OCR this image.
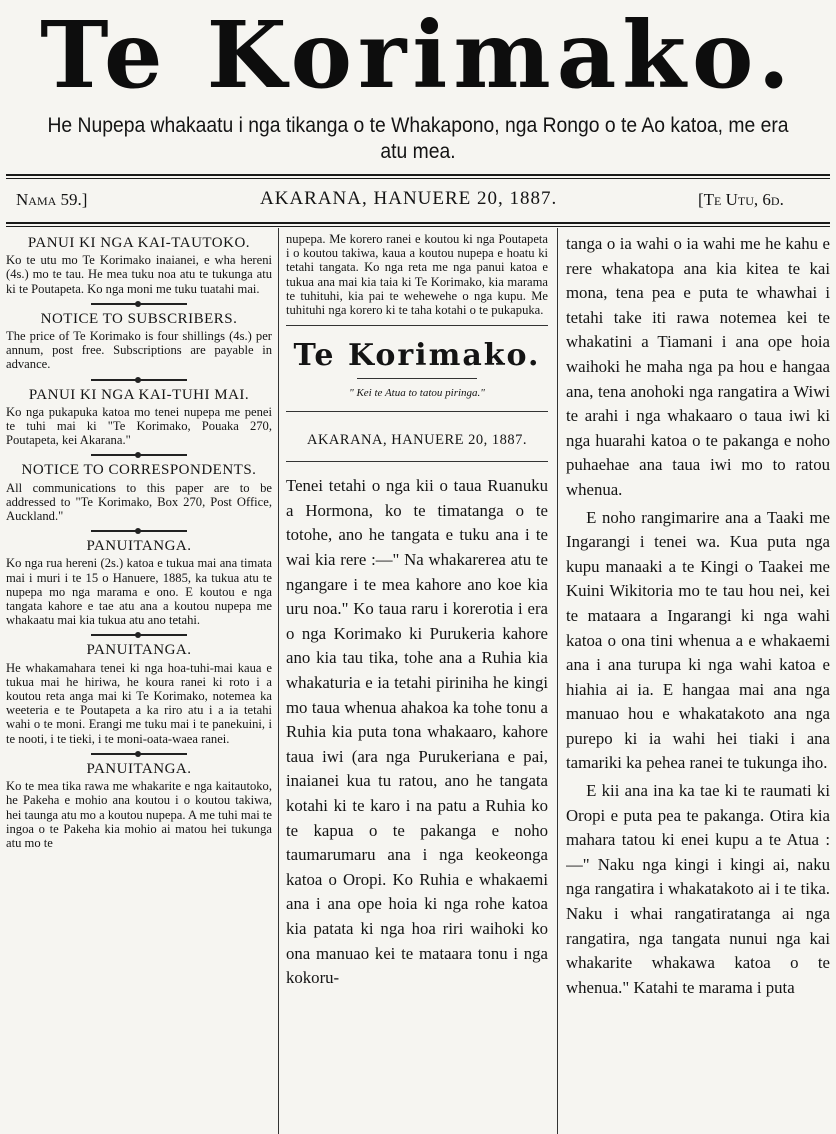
Te Korimako.
He Nupepa whakaatu i nga tikanga o te Whakapono, nga Rongo o te Ao katoa, me era atu mea.
Nama 59.]	AKARANA, HANUERE 20, 1887.	[Te Utu, 6d.
PANUI KI NGA KAI-TAUTOKO.

Ko te utu mo Te Korimako inaianei, e wha hereni (4s.) mo te tau. He mea tuku noa atu te tukunga atu ki te Poutapeta. Ko nga moni me tuku tuatahi mai.

NOTICE TO SUBSCRIBERS.

The price of Te Korimako is four shillings (4s.) per annum, post free. Subscriptions are payable in advance.

PANUI KI NGA KAI-TUHI MAI.

Ko nga pukapuka katoa mo tenei nupepa me penei te tuhi mai ki "Te Korimako, Pouaka 270, Poutapeta, kei Akarana."

NOTICE TO CORRESPONDENTS.

All communications to this paper are to be addressed to "Te Korimako, Box 270, Post Office, Auckland."

PANUITANGA.

Ko nga rua hereni (2s.) katoa e tukua mai ana timata mai i muri i te 15 o Hanuere, 1885, ka tukua atu te nupepa mo nga marama e ono. E koutou e nga tangata kahore e tae atu ana a koutou nupepa me whakaatu mai kia tukua atu ano tetahi.

PANUITANGA.

He whakamahara tenei ki nga hoa-tuhi-mai kaua e tukua mai he hiriwa, he koura ranei ki roto i a koutou reta anga mai ki Te Korimako, notemea ka weeteria e te Poutapeta a ka riro atu i a ia tetahi wahi o te moni. Erangi me tuku mai i te panekuini, i te nooti, i te tieki, i te moni-oata-waea ranei.

PANUITANGA.

Ko te mea tika rawa me whakarite e nga kaitautoko, he Pakeha e mohio ana koutou i o koutou takiwa, hei taunga atu mo a koutou nupepa. A me tuhi mai te ingoa o te Pakeha kia mohio ai matou hei tukunga atu mo te

nupepa. Me korero ranei e koutou ki nga Poutapeta i o koutou takiwa, kaua a koutou nupepa e hoatu ki tetahi tangata. Ko nga reta me nga panui katoa e tukua ana mai kia taia ki Te Korimako, kia marama te tuhituhi, kia pai te wehewehe o nga kupu. Me tuhituhi nga korero ki te taha kotahi o te pukapuka.

Te Korimako.
" Kei te Atua to tatou piringa."
AKARANA, HANUERE 20, 1887.

Tenei tetahi o nga kii o taua Ruanuku a Hormona, ko te timatanga o te totohe, ano he tangata e tuku ana i te wai kia rere :—" Na whakarerea atu te ngangare i te mea kahore ano koe kia uru noa." Ko taua raru i korerotia i era o nga Korimako ki Purukeria kahore ano kia tau tika, tohe ana a Ruhia kia whakaturia e ia tetahi piriniha he kingi mo taua whenua ahakoa ka tohe tonu a Ruhia kia puta tona whakaaro, kahore taua iwi (ara nga Purukeriana e pai, inaianei kua tu ratou, ano he tangata kotahi ki te karo i na patu a Ruhia ko te kapua o te pakanga e noho taumarumaru ana i nga keokeonga katoa o Oropi. Ko Ruhia e whakaemi ana i ana ope hoia ki nga rohe katoa kia patata ki nga hoa riri waihoki ko ona manuao kei te mataara tonu i nga kokoru-

tanga o ia wahi o ia wahi me he kahu e rere whakatopa ana kia kitea te kai mona, tena pea e puta te whawhai i tetahi take iti rawa notemea kei te whakatini a Tiamani i ana ope hoia waihoki he maha nga pa hou e hangaa ana, tena anohoki nga rangatira a Wiwi te arahi i nga whakaaro o taua iwi ki nga huarahi katoa o te pakanga e noho puhaehae ana taua iwi mo to ratou whenua.

E noho rangimarire ana a Taaki me Ingarangi i tenei wa. Kua puta nga kupu manaaki a te Kingi o Taakei me Kuini Wikitoria mo te tau hou nei, kei te mataara a Ingarangi ki nga wahi katoa o ona tini whenua a e whakaemi ana i ana turupa ki nga wahi katoa e hiahia ai ia. E hangaa mai ana nga manuao hou e whakatakoto ana nga purepo ki ia wahi hei tiaki i ana tamariki ka pehea ranei te tukunga iho.

E kii ana ina ka tae ki te raumati ki Oropi e puta pea te pakanga. Otira kia mahara tatou ki enei kupu a te Atua :—" Naku nga kingi i kingi ai, naku nga rangatira i whakatakoto ai i te tika. Naku i whai rangatiratanga ai nga rangatira, nga tangata nunui nga kai whakarite whakawa katoa o te whenua." Katahi te marama i puta
